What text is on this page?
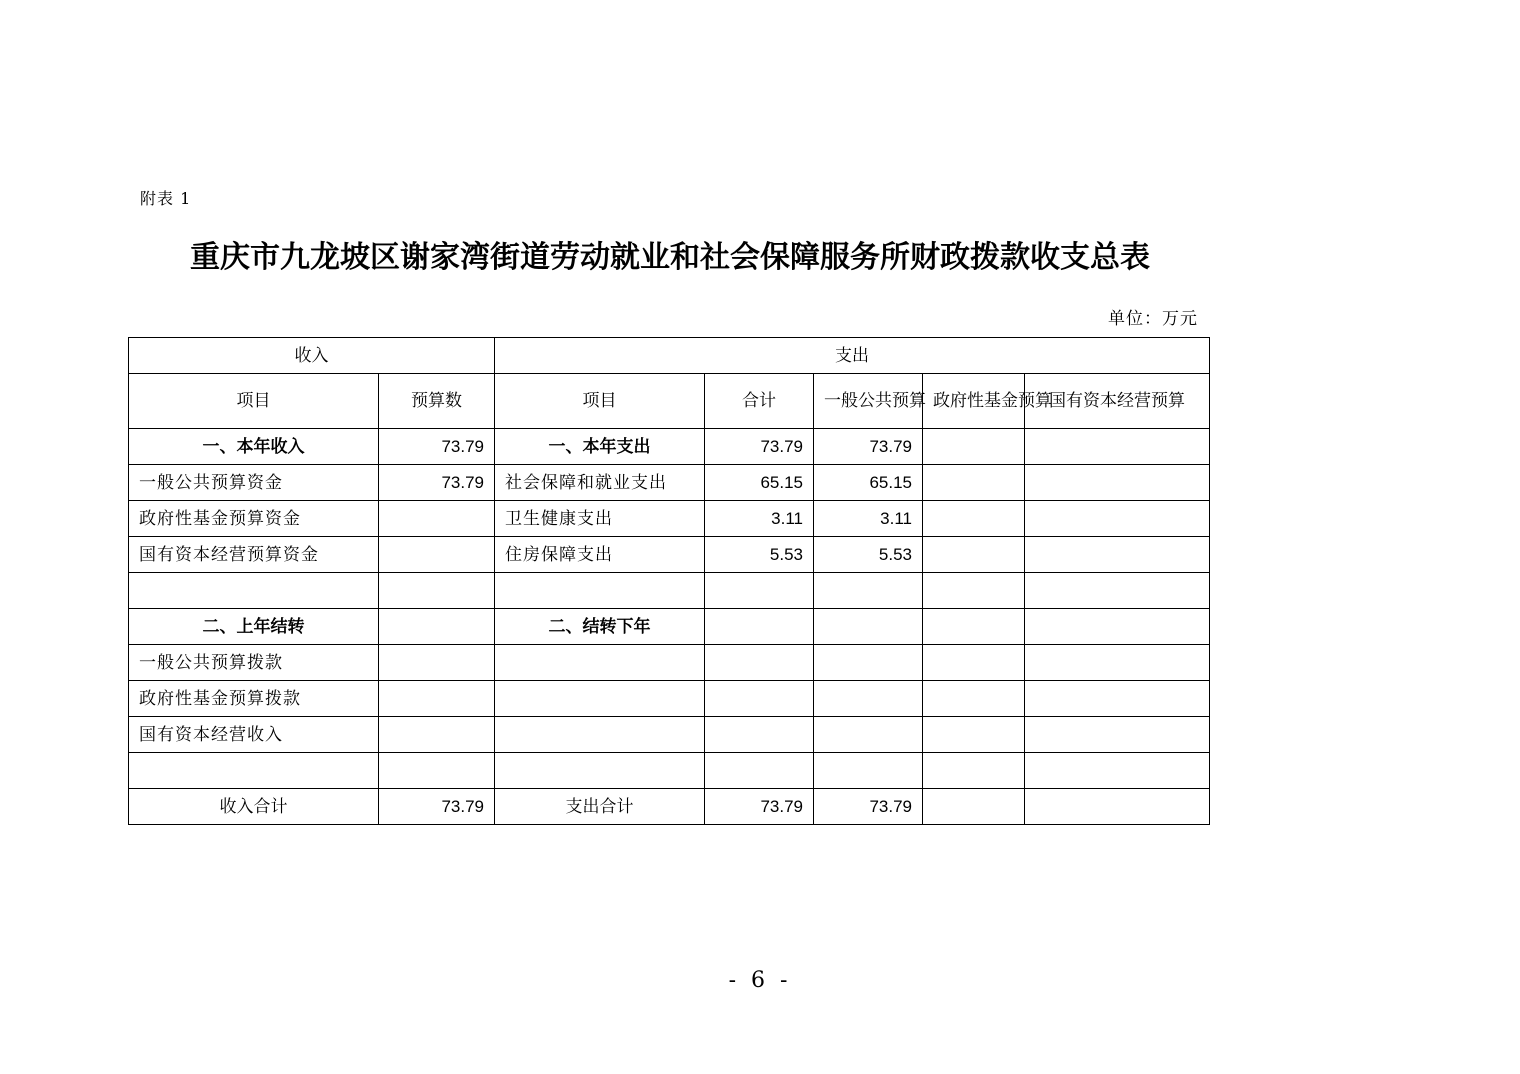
附表 1
重庆市九龙坡区谢家湾街道劳动就业和社会保障服务所财政拨款收支总表
单位：万元
收入		支出				
项目	预算数	项目	合计	一般公共预算	政府性基金预算	国有资本经营预算
一、本年收入	73.79	一、本年支出	73.79	73.79		
一般公共预算资金	73.79	社会保障和就业支出	65.15	65.15		
政府性基金预算资金		卫生健康支出	3.11	3.11		
国有资本经营预算资金		住房保障支出	5.53	5.53		

二、上年结转		二、结转下年				
一般公共预算拨款						
政府性基金预算拨款						
国有资本经营收入						

收入合计	73.79	支出合计	73.79	73.79		
- 6 -
